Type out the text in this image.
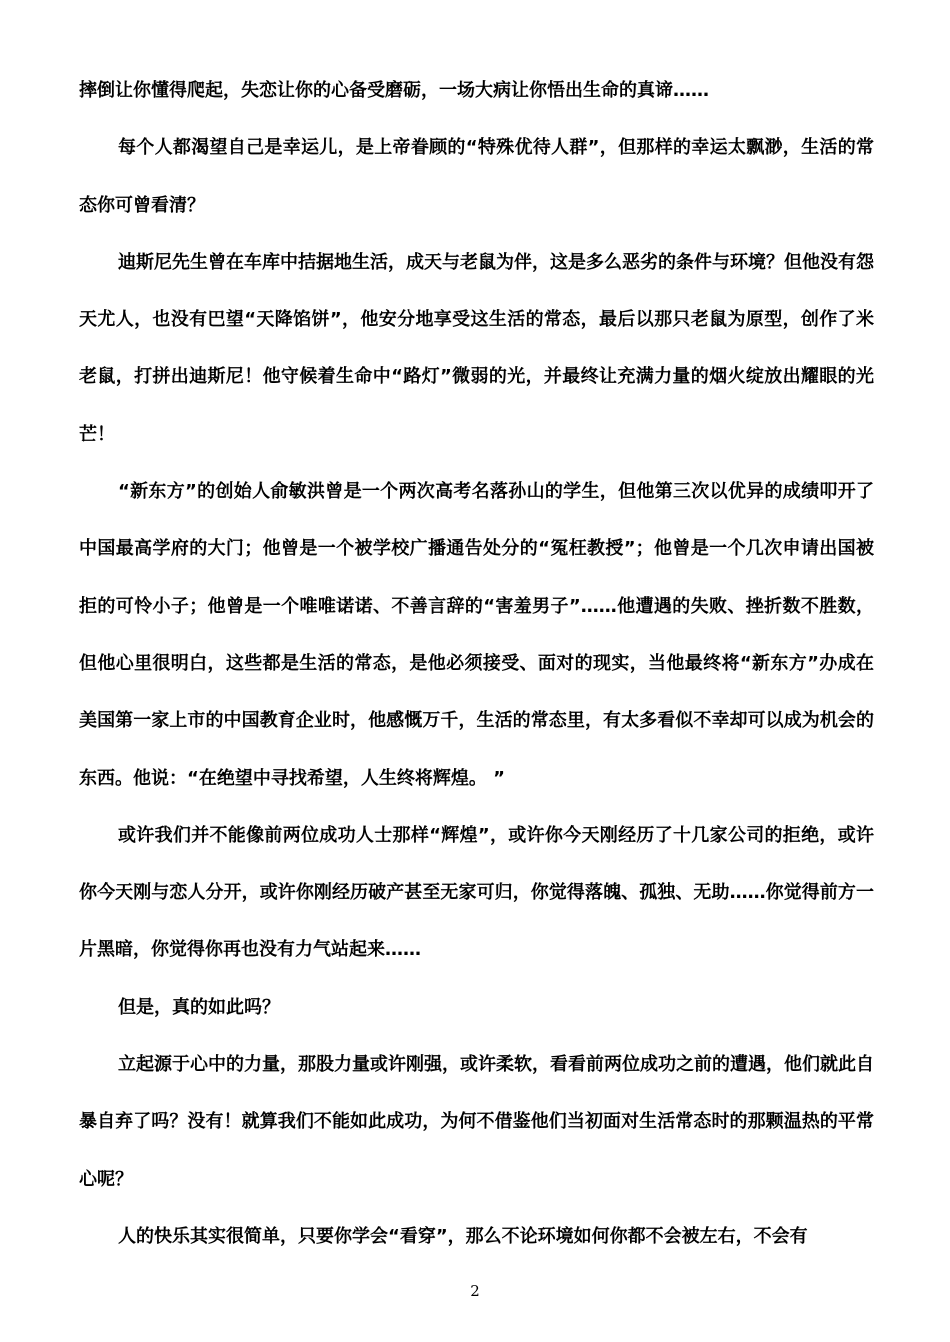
摔倒让你懂得爬起，失恋让你的心备受磨砺，一场大病让你悟出生命的真谛……

每个人都渴望自己是幸运儿，是上帝眷顾的“特殊优待人群”，但那样的幸运太飘渺，生活的常态你可曾看清？

迪斯尼先生曾在车库中拮据地生活，成天与老鼠为伴，这是多么恶劣的条件与环境？但他没有怨天尤人，也没有巴望“天降馅饼”，他安分地享受这生活的常态，最后以那只老鼠为原型，创作了米老鼠，打拼出迪斯尼！他守候着生命中“路灯”微弱的光，并最终让充满力量的烟火绽放出耀眼的光芒！

“新东方”的创始人俞敏洪曾是一个两次高考名落孙山的学生，但他第三次以优异的成绩叩开了中国最高学府的大门；他曾是一个被学校广播通告处分的“冤枉教授”；他曾是一个几次申请出国被拒的可怜小子；他曾是一个唯唯诺诺、不善言辞的“害羞男子”……他遭遇的失败、挫折数不胜数，但他心里很明白，这些都是生活的常态，是他必须接受、面对的现实，当他最终将“新东方”办成在美国第一家上市的中国教育企业时，他感慨万千，生活的常态里，有太多看似不幸却可以成为机会的东西。他说：“在绝望中寻找希望，人生终将辉煌。 ”

或许我们并不能像前两位成功人士那样“辉煌”，或许你今天刚经历了十几家公司的拒绝，或许你今天刚与恋人分开，或许你刚经历破产甚至无家可归，你觉得落魄、孤独、无助……你觉得前方一片黑暗，你觉得你再也没有力气站起来……

但是，真的如此吗？

立起源于心中的力量，那股力量或许刚强，或许柔软，看看前两位成功之前的遭遇，他们就此自暴自弃了吗？没有！就算我们不能如此成功，为何不借鉴他们当初面对生活常态时的那颗温热的平常心呢？

人的快乐其实很简单，只要你学会“看穿”，那么不论环境如何你都不会被左右，不会有

2
